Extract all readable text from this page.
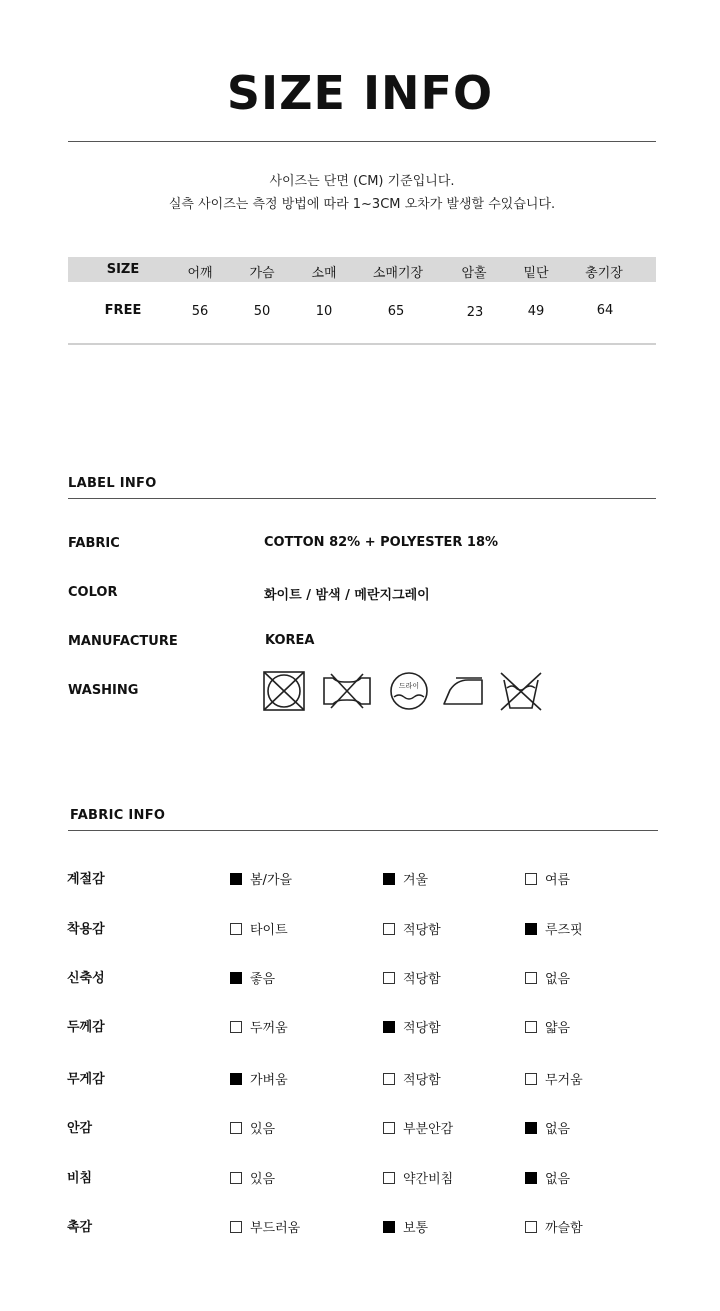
SIZE INFO
사이즈는 단면 (CM) 기준입니다.
실측 사이즈는 측정 방법에 따라 1~3CM 오차가 발생할 수있습니다.
SIZE	어깨	가슴	소매	소매기장	암홀	밑단	총기장
FREE	56	50	10	65	23	49	64
LABEL INFO
FABRIC	COTTON 82% + POLYESTER 18%
COLOR	화이트 / 밤색 / 메란지그레이
MANUFACTURE	KOREA
WASHING	드라이
FABRIC INFO
계절감	봄/가을	겨울	여름
착용감	타이트	적당함	루즈핏
신축성	좋음	적당함	없음
두께감	두꺼움	적당함	얇음
무게감	가벼움	적당함	무거움
안감	있음	부분안감	없음
비침	있음	약간비침	없음
촉감	부드러움	보통	까슬함
